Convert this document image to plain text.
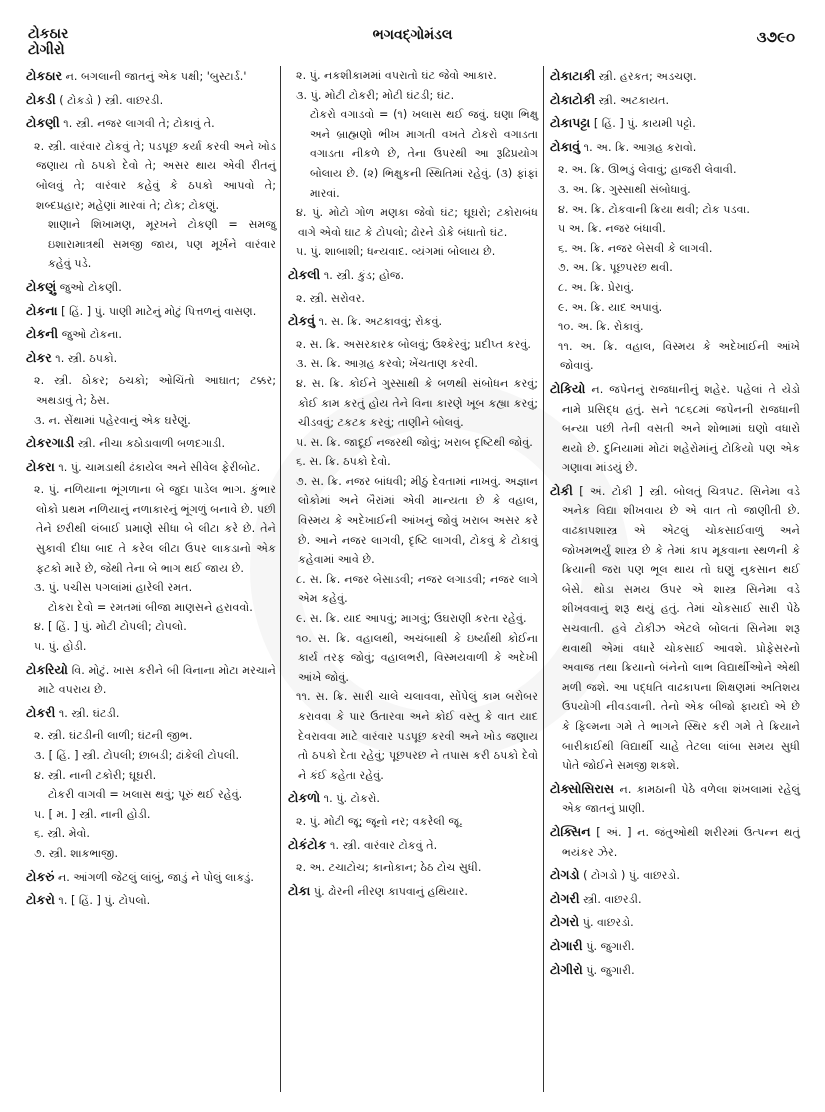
ટોકઠાર
ટોગીરો
ભગવદ્ગોમંડલ	૩૭૯૦
ટોકઠાર ન. બગલાની જાતનું એક પક્ષી; 'બુસ્ટાર્ડ.'
ટોકડી ( ટોકડો ) સ્ત્રી. વાછરડી.
ટોકણી ૧. સ્ત્રી. નજર લાગવી તે; ટોકાવું તે.
૨. સ્ત્રી. વારંવાર ટોકવું તે; પડપૂછ કર્યા કરવી અને ખોડ જણાય તો ઠપકો દેવો તે; અસર થાય એવી રીતનું બોલવું તે; વારંવાર કહેવું કે ઠપકો આપવો તે; શબ્દપ્રહાર; મહેણાં મારવાં તે; ટોક; ટોકણું.
શાણાને શિખામણ, મૂરખને ટોકણી = સમજુ ઇશારામાત્રથી સમજી જાય, પણ મૂર્ખને વારંવાર કહેવું પડે.
ટોકણું જુઓ ટોકણી.
ટોકના [ હિં. ] પું. પાણી માટેનું મોટું પિત્તળનું વાસણ.
ટોકની જુઓ ટોકના.
ટોકર ૧. સ્ત્રી. ઠપકો.
૨. સ્ત્રી. ઠોકર; ઠચકો; ઓચિંતો આઘાત; ટક્કર; અથડાવું તે; ઠેસ.
૩. ન. સેંથામાં પહેરવાનું એક ઘરેણું.
ટોકરગાડી સ્ત્રી. નીચા કઠોડાવાળી બળદગાડી.
ટોકરા ૧. પું. ચામડાથી ઢંકાયેલ અને સીવેલ ફેરીબોટ.
૨. પું. નળિયાના ભૂંગળાના બે જુદા પાડેલ ભાગ. કુંભાર લોકો પ્રથમ નળિયાનું નળાકારનું ભૂંગળું બનાવે છે. પછી તેને છરીથી લંબાઈ પ્રમાણે સીધા બે લીટા કરે છે. તેને સુકાવી દીધા બાદ તે કરેલ લીટા ઉપર લાકડાનો એક ફટકો મારે છે, જેથી તેના બે ભાગ થઈ જાય છે.
૩. પું. પચીસ પગલાંમાં હારેલી રમત.
ટોકરા દેવો = રમતમાં બીજા માણસને હરાવવો.
૪. [ હિં. ] પું. મોટી ટોપલી; ટોપલો.
૫. પું. હોડી.
ટોકરિયો વિ. મોટું. ખાસ કરીને બી વિનાના મોટા મરચાને માટે વપરાય છે.
ટોકરી ૧. સ્ત્રી. ઘંટડી.
૨. સ્ત્રી. ઘંટડીની લાળી; ઘંટની જીભ.
૩. [ હિં. ] સ્ત્રી. ટોપલી; છાબડી; ઢાંકેલી ટોપલી.
૪. સ્ત્રી. નાની ટકોરી; ઘૂઘરી.
ટોકરી વાગવી = ખલાસ થવું; પૂરું થઈ રહેવું.
૫. [ મ. ] સ્ત્રી. નાની હોડી.
૬. સ્ત્રી. મેવો.
૭. સ્ત્રી. શાકભાજી.
ટોકરું ન. આંગળી જેટલું લાંબું, જાડું ને પોલું લાકડું.
ટોકરો ૧. [ હિં. ] પું. ટોપલો.
૨. પું. નકશીકામમાં વપરાતો ઘંટ જેવો આકાર.
૩. પું. મોટી ટોકરી; મોટી ઘંટડી; ઘંટ.
ટોકરો વગાડવો = (૧) ખલાસ થઈ જવું. ઘણા ભિક્ષુ અને બ્રાહ્મણો ભીખ માગતી વખતે ટોકરો વગાડતા વગાડતા નીકળે છે, તેના ઉપરથી આ રૂઢિપ્રયોગ બોલાય છે. (૨) ભિક્ષુકની સ્થિતિમાં રહેવું. (૩) ફાંફાં મારવાં.
૪. પું. મોટો ગોળ મણકા જેવો ઘંટ; ઘૂઘરો; ટકોરાબંધ વાગે એવો ઘાટ કે ટોપલો; ઢોરને ડોકે બંધાતો ઘંટ.
૫. પું. શાબાશી; ધન્યવાદ. વ્યંગમાં બોલાય છે.
ટોકલી ૧. સ્ત્રી. કુંડ; હોજ.
૨. સ્ત્રી. સરોવર.
ટોકવું ૧. સ. ક્રિ. અટકાવવું; રોકવું.
૨. સ. ક્રિ. અસરકારક બોલવું; ઉશ્કેરવું; પ્રદીપ્ત કરવું.
૩. સ. ક્રિ. આગ્રહ કરવો; ખેંચતાણ કરવી.
૪. સ. ક્રિ. કોઈને ગુસ્સાથી કે બળથી સંબોધન કરવું; કોઈ કામ કરતું હોય તેને વિના કારણે ખૂબ કહ્યા કરવું; ચીડવવું; ટકટક કરવું; તાણીને બોલવું.
૫. સ. ક્રિ. જાદૂઈ નજરથી જોવું; ખરાબ દૃષ્ટિથી જોવું.
૬. સ. ક્રિ. ઠપકો દેવો.
૭. સ. ક્રિ. નજર બાંધવી; મીઠું દેવતામાં નાખવું. અજ્ઞાન લોકોમાં અને બૈરાંમાં એવી માન્યતા છે કે વહાલ, વિસ્મય કે અદેખાઈની આંખનું જોવું ખરાબ અસર કરે છે. આને નજર લાગવી, દૃષ્ટિ લાગવી, ટોકવું કે ટોકાવું કહેવામાં આવે છે.
૮. સ. ક્રિ. નજર બેસાડવી; નજર લગાડવી; નજર લાગે એમ કહેવું.
૯. સ. ક્રિ. યાદ આપવું; માગવું; ઉઘરાણી કરતા રહેવું.
૧૦. સ. ક્રિ. વહાલથી, અચંબાથી કે ઇર્ષ્યાથી કોઈના કાર્ય તરફ જોવું; વહાલભરી, વિસ્મયવાળી કે અદેખી આંખે જોવું.
૧૧. સ. ક્રિ. સારી ચાલે ચલાવવા, સોંપેલું કામ બરોબર કરાવવા કે પાર ઉતારવા અને કોઈ વસ્તુ કે વાત યાદ દેવરાવવા માટે વારંવાર પડપૂછ કરવી અને ખોડ જણાય તો ઠપકો દેતા રહેવું; પૂછપરછ ને તપાસ કરી ઠપકો દેવો ને કંઈ કહેતા રહેવું.
ટોકળો ૧. પું. ટોકરો.
૨. પું. મોટી જૂ; જૂનો નર; વકરેલી જૂ.
ટોકંટોક ૧. સ્ત્રી. વારંવાર ટોકવું તે.
૨. અ. ટચાટોચ; કાનોકાન; ઠેઠ ટોચ સુધી.
ટોકા પું. ઢોરની નીરણ કાપવાનું હથિયાર.
ટોકાટાકી સ્ત્રી. હરકત; અડચણ.
ટોકાટોકી સ્ત્રી. અટકાયત.
ટોકાપટ્ટા [ હિં. ] પું. કાયમી પટ્ટો.
ટોકાવું ૧. અ. ક્રિ. આગ્રહ કરાવો.
૨. અ. ક્રિ. ઊભડું લેવાવું; હાજરી લેવાવી.
૩. અ. ક્રિ. ગુસ્સાથી સંબોધાવું.
૪. અ. ક્રિ. ટોકવાની ક્રિયા થવી; ટોક પડવા.
૫ અ. ક્રિ. નજર બંધાવી.
૬. અ. ક્રિ. નજર બેસવી કે લાગવી.
૭. અ. ક્રિ. પૂછપરછ થવી.
૮. અ. ક્રિ. પ્રેરાવું.
૯. અ. ક્રિ. યાદ અપાવું.
૧૦. અ. ક્રિ. રોકાવું.
૧૧. અ. ક્રિ. વહાલ, વિસ્મય કે અદેખાઈની આંખે જોવાવું.
ટોકિયો ન. જપેનનું રાજધાનીનું શહેર. પહેલાં તે યેડો નામે પ્રસિદ્ધ હતું. સને ૧૮૬૮માં જપેનની રાજધાની બન્યા પછી તેની વસતી અને શોભામાં ઘણો વધારો થયો છે. દુનિયામાં મોટાં શહેરોમાંનું ટોકિયો પણ એક ગણાવા માંડયું છે.
ટોકી [ અં. ટોકી ] સ્ત્રી. બોલતું ચિત્રપટ. સિનેમા વડે અનેક વિદ્યા શીખવાય છે એ વાત તો જાણીતી છે. વાઢકાપશાસ્ત્ર એ એટલું ચોકસાઈવાળું અને જોખમભર્યું શાસ્ત્ર છે કે તેમાં કાપ મૂકવાના સ્થળની કે ક્રિયાની જરા પણ ભૂલ થાય તો ઘણું નુકસાન થઈ બેસે. થોડા સમય ઉપર એ શાસ્ત્ર સિનેમા વડે શીખવવાનું શરૂ થયું હતું. તેમાં ચોકસાઈ સારી પેઠે સચવાતી. હવે ટોકીઝ એટલે બોલતાં સિનેમા શરૂ થવાથી એમાં વધારે ચોકસાઈ આવશે. પ્રોફેસરનો અવાજ તથા ક્રિયાનો બંનેનો લાભ વિદ્યાર્થીઓને એથી મળી જશે. આ પદ્ધતિ વાઢકાપના શિક્ષણમાં અતિશય ઉપયોગી નીવડવાની. તેનો એક બીજો ફાયદો એ છે કે ફિલ્મના ગમે તે ભાગને સ્થિર કરી ગમે તે ક્રિયાને બારીકાઈથી વિદ્યાર્થી ચાહે તેટલા લાંબા સમય સુધી પોતે જોઈને સમજી શકશે.
ટોક્સોસિરાસ ન. કામઠાની પેઠે વળેલા શંખલામાં રહેલું એક જાતનું પ્રાણી.
ટોક્સિન [ અં. ] ન. જંતુઓથી શરીરમાં ઉત્પન્ન થતું ભયંકર ઝેર.
ટોગડો ( ટોગડો ) પું. વાછરડો.
ટોગરી સ્ત્રી. વાછરડી.
ટોગરો પું. વાછરડો.
ટોગારી પું. જુગારી.
ટોગીરો પું. જુગારી.
